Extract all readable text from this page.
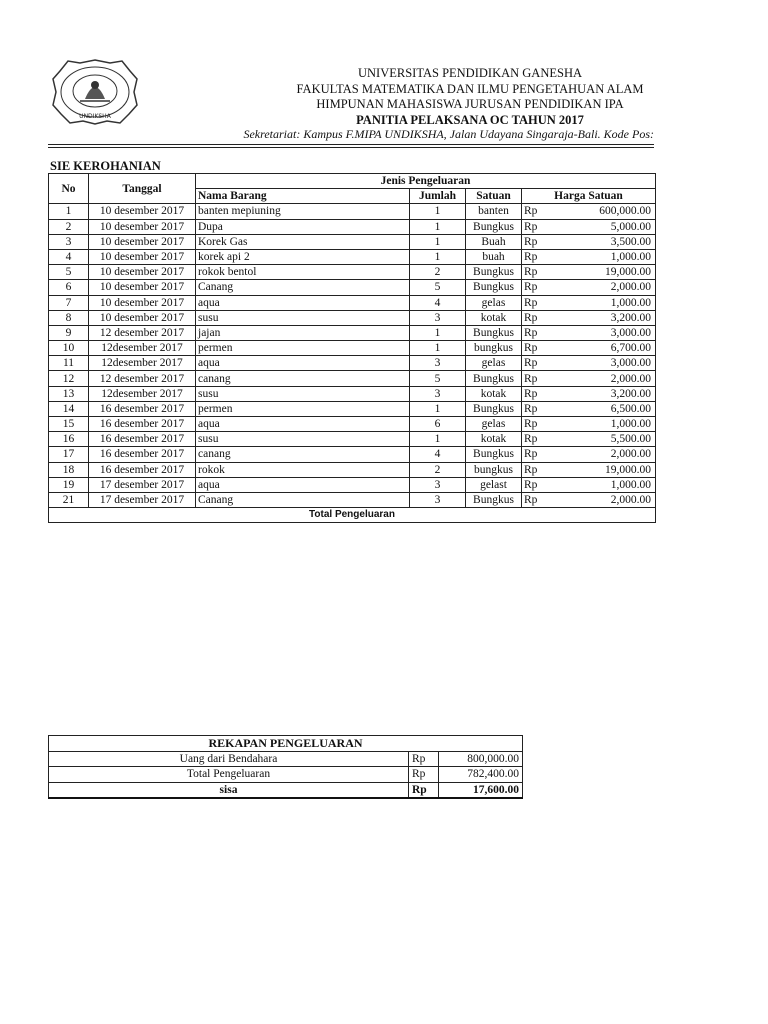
UNDIKSHA
UNIVERSITAS PENDIDIKAN GANESHA
FAKULTAS MATEMATIKA DAN ILMU PENGETAHUAN ALAM
HIMPUNAN MAHASISWA JURUSAN PENDIDIKAN IPA
PANITIA PELAKSANA OC TAHUN 2017
Sekretariat: Kampus F.MIPA UNDIKSHA, Jalan Udayana Singaraja-Bali. Kode Pos:
SIE KEROHANIAN
No	Tanggal	Jenis Pengeluaran				
		Nama Barang	Jumlah	Satuan	Harga Satuan	
1	10 desember 2017	banten mepiuning	1	banten	Rp	600,000.00
2	10 desember 2017	Dupa	1	Bungkus	Rp	5,000.00
3	10 desember 2017	Korek Gas	1	Buah	Rp	3,500.00
4	10 desember 2017	korek api 2	1	buah	Rp	1,000.00
5	10 desember 2017	rokok bentol	2	Bungkus	Rp	19,000.00
6	10 desember 2017	Canang	5	Bungkus	Rp	2,000.00
7	10 desember 2017	aqua	4	gelas	Rp	1,000.00
8	10 desember 2017	susu	3	kotak	Rp	3,200.00
9	12 desember 2017	jajan	1	Bungkus	Rp	3,000.00
10	12desember 2017	permen	1	bungkus	Rp	6,700.00
11	12desember 2017	aqua	3	gelas	Rp	3,000.00
12	12 desember 2017	canang	5	Bungkus	Rp	2,000.00
13	12desember 2017	susu	3	kotak	Rp	3,200.00
14	16 desember 2017	permen	1	Bungkus	Rp	6,500.00
15	16 desember 2017	aqua	6	gelas	Rp	1,000.00
16	16 desember 2017	susu	1	kotak	Rp	5,500.00
17	16 desember 2017	canang	4	Bungkus	Rp	2,000.00
18	16 desember 2017	rokok	2	bungkus	Rp	19,000.00
19	17 desember 2017	aqua	3	gelast	Rp	1,000.00
21	17 desember 2017	Canang	3	Bungkus	Rp	2,000.00
Total Pengeluaran						
REKAPAN PENGELUARAN		
Uang dari Bendahara	Rp	800,000.00
Total Pengeluaran	Rp	782,400.00
sisa	Rp	17,600.00
